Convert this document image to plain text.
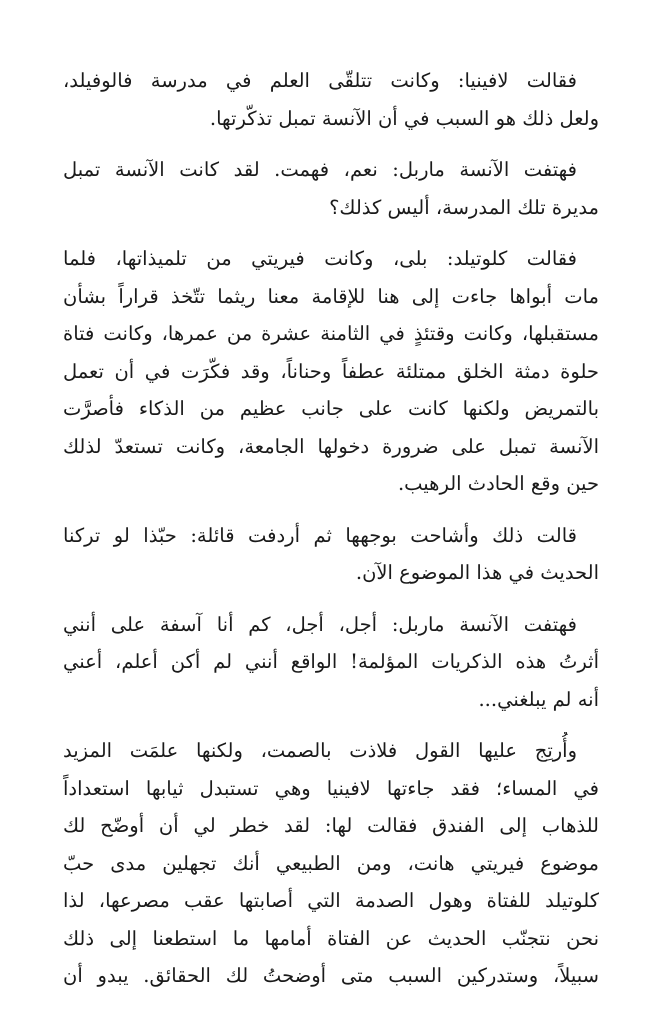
فقالت لافينيا: وكانت تتلقّى العلم في مدرسة فالوفيلد،
ولعل ذلك هو السبب في أن الآنسة تمبل تذكّرتها.
فهتفت الآنسة ماربل: نعم، فهمت. لقد كانت الآنسة تمبل
مديرة تلك المدرسة، أليس كذلك؟
فقالت كلوتيلد: بلى، وكانت فيريتي من تلميذاتها، فلما
مات أبواها جاءت إلى هنا للإقامة معنا ريثما تتّخذ قراراً بشأن
مستقبلها، وكانت وقتئذٍ في الثامنة عشرة من عمرها، وكانت فتاة
حلوة دمثة الخلق ممتلئة عطفاً وحناناً، وقد فكّرَت في أن تعمل
بالتمريض ولكنها كانت على جانب عظيم من الذكاء فأصرَّت
الآنسة تمبل على ضرورة دخولها الجامعة، وكانت تستعدّ لذلك
حين وقع الحادث الرهيب.
قالت ذلك وأشاحت بوجهها ثم أردفت قائلة: حبّذا لو تركنا
الحديث في هذا الموضوع الآن.
فهتفت الآنسة ماربل: أجل، أجل، كم أنا آسفة على أنني
أثرتُ هذه الذكريات المؤلمة! الواقع أنني لم أكن أعلم، أعني
أنه لم يبلغني...
وأُرتِج عليها القول فلاذت بالصمت، ولكنها علمَت المزيد
في المساء؛ فقد جاءتها لافينيا وهي تستبدل ثيابها استعداداً
للذهاب إلى الفندق فقالت لها: لقد خطر لي أن أوضّح لك
موضوع فيريتي هانت، ومن الطبيعي أنك تجهلين مدى حبّ
كلوتيلد للفتاة وهول الصدمة التي أصابتها عقب مصرعها، لذا
نحن نتجنّب الحديث عن الفتاة أمامها ما استطعنا إلى ذلك
سبيلاً، وستدركين السبب متى أوضحتُ لك الحقائق. يبدو أن
